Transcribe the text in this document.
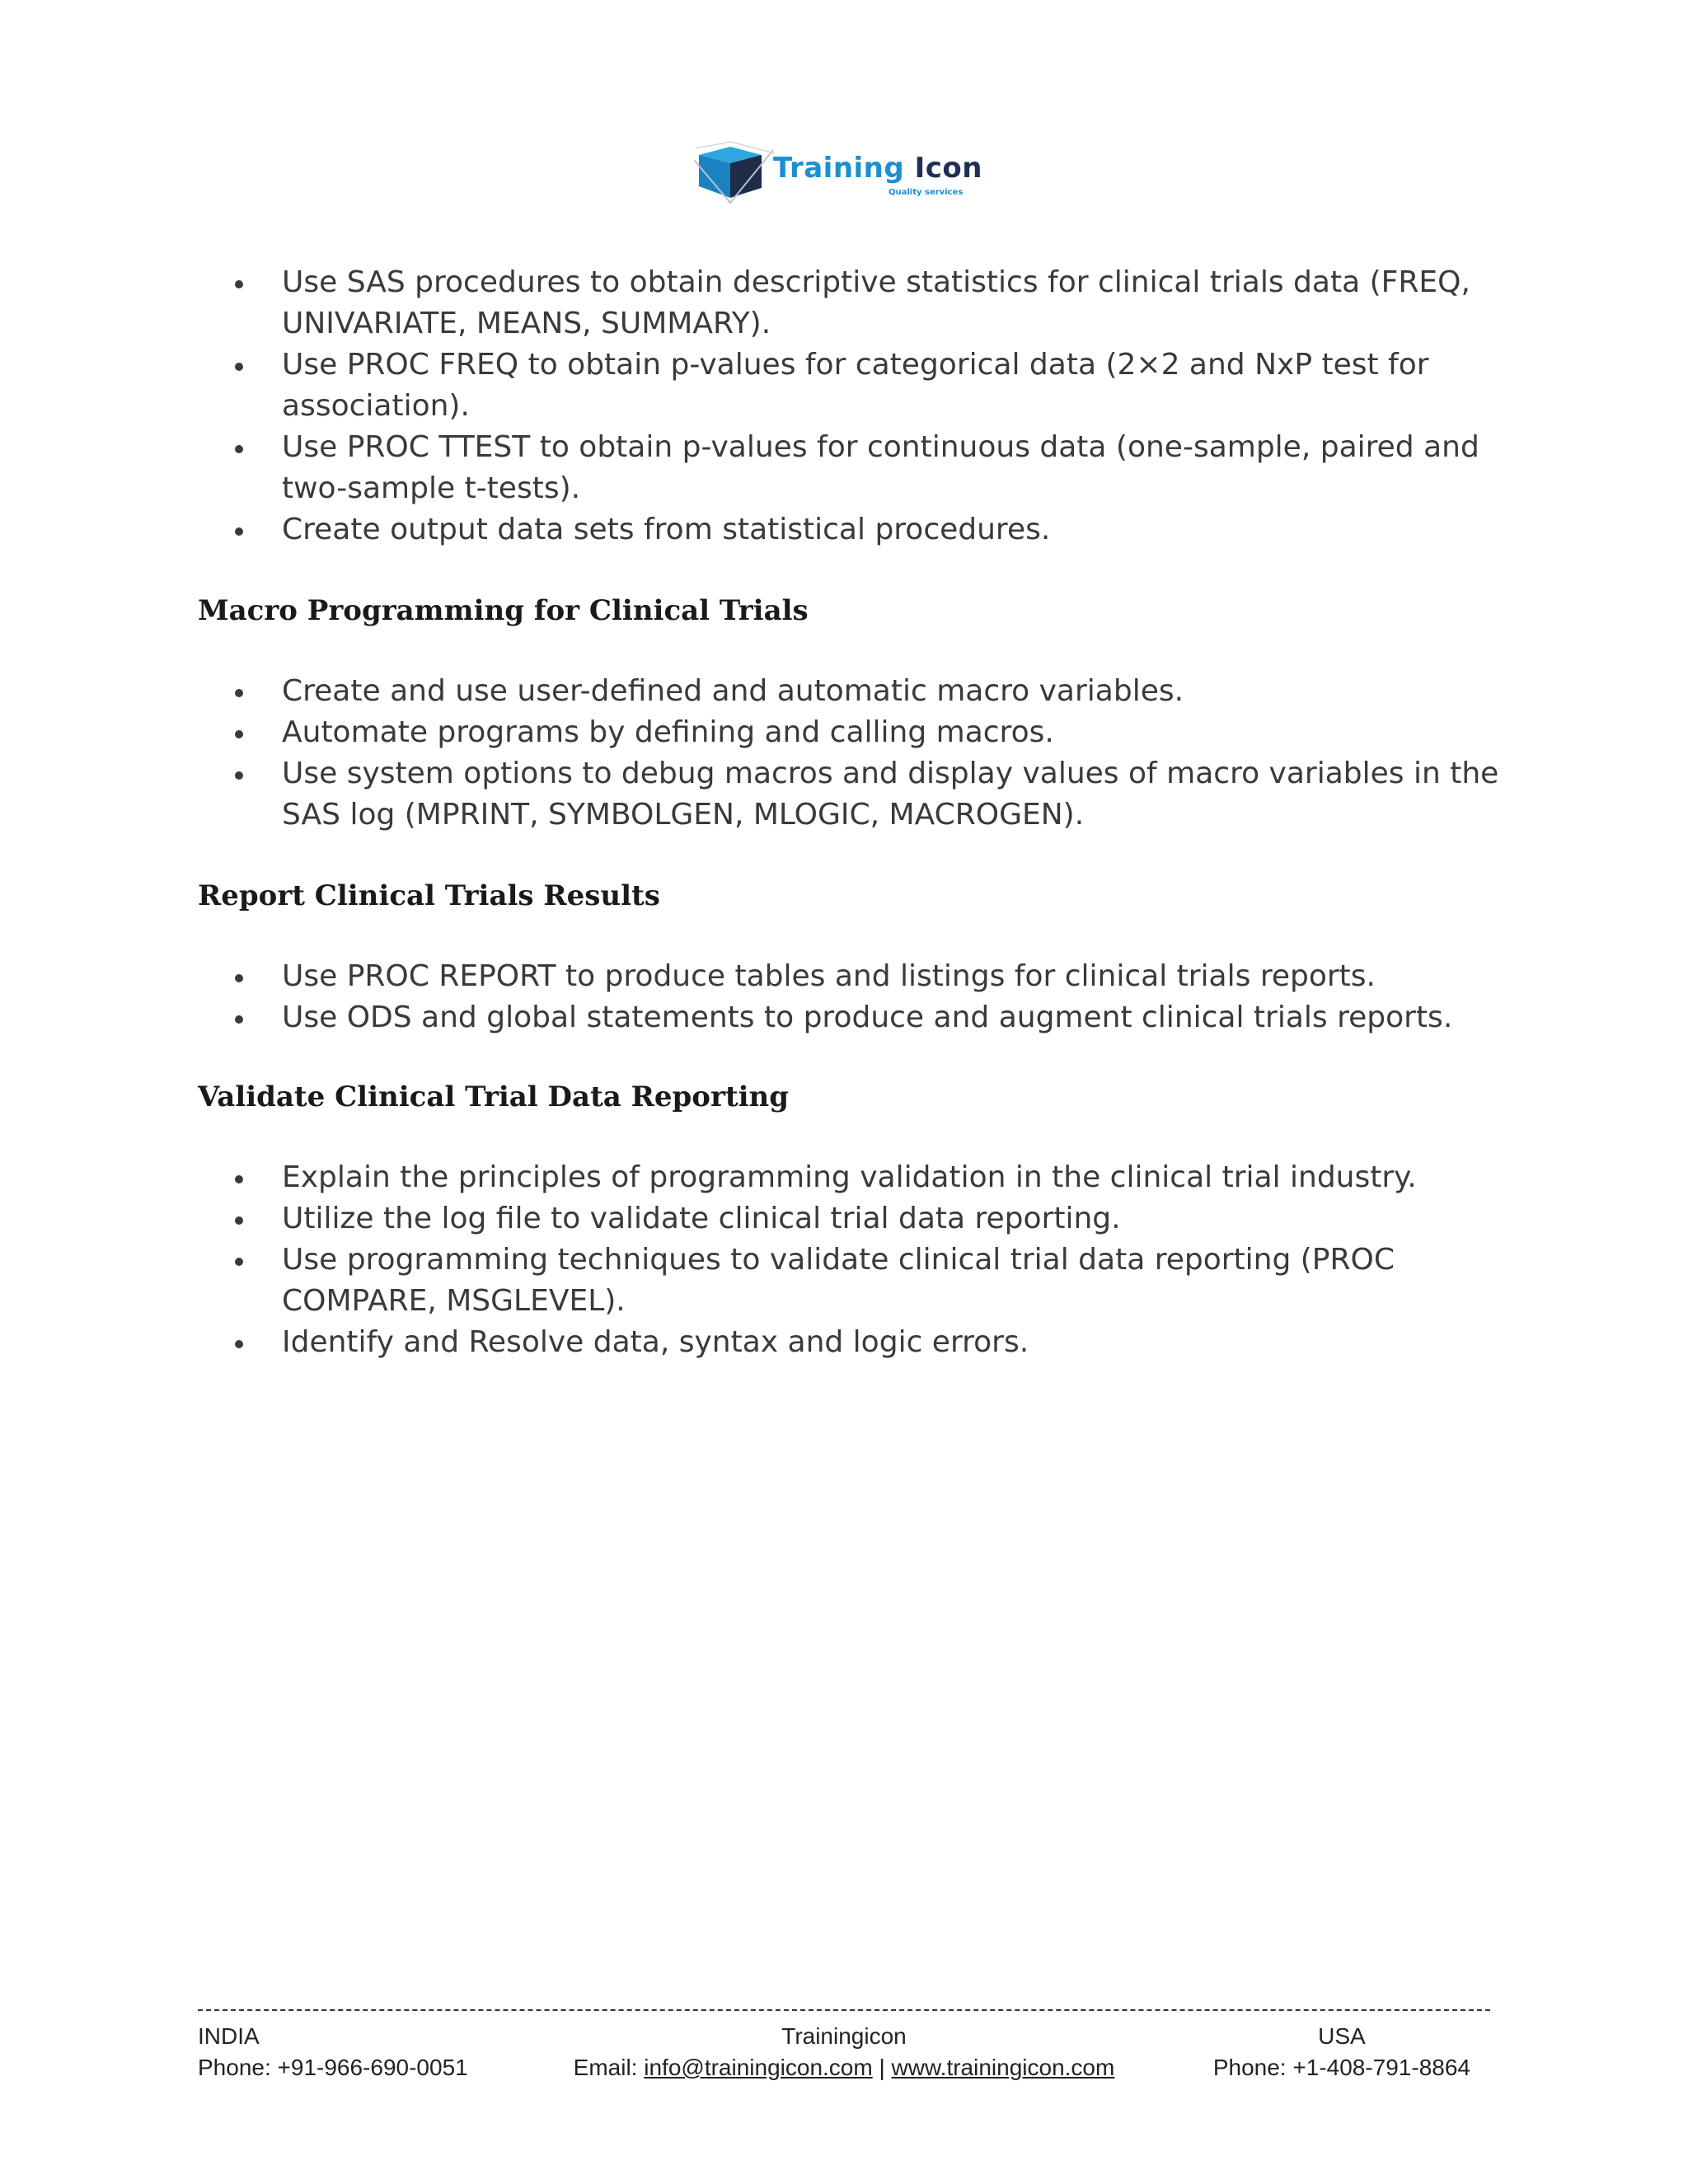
Training Icon
Quality services
Use SAS procedures to obtain descriptive statistics for clinical trials data (FREQ, UNIVARIATE, MEANS, SUMMARY).
Use PROC FREQ to obtain p-values for categorical data (2×2 and NxP test for association).
Use PROC TTEST to obtain p-values for continuous data (one-sample, paired and two-sample t-tests).
Create output data sets from statistical procedures.
Macro Programming for Clinical Trials
Create and use user-defined and automatic macro variables.
Automate programs by defining and calling macros.
Use system options to debug macros and display values of macro variables in the SAS log (MPRINT, SYMBOLGEN, MLOGIC, MACROGEN).
Report Clinical Trials Results
Use PROC REPORT to produce tables and listings for clinical trials reports.
Use ODS and global statements to produce and augment clinical trials reports.
Validate Clinical Trial Data Reporting
Explain the principles of programming validation in the clinical trial industry.
Utilize the log file to validate clinical trial data reporting.
Use programming techniques to validate clinical trial data reporting (PROC COMPARE, MSGLEVEL).
Identify and Resolve data, syntax and logic errors.
INDIA
Phone: +91-966-690-0051
Trainingicon
Email: info@trainingicon.com | www.trainingicon.com
USA
Phone: +1-408-791-8864
